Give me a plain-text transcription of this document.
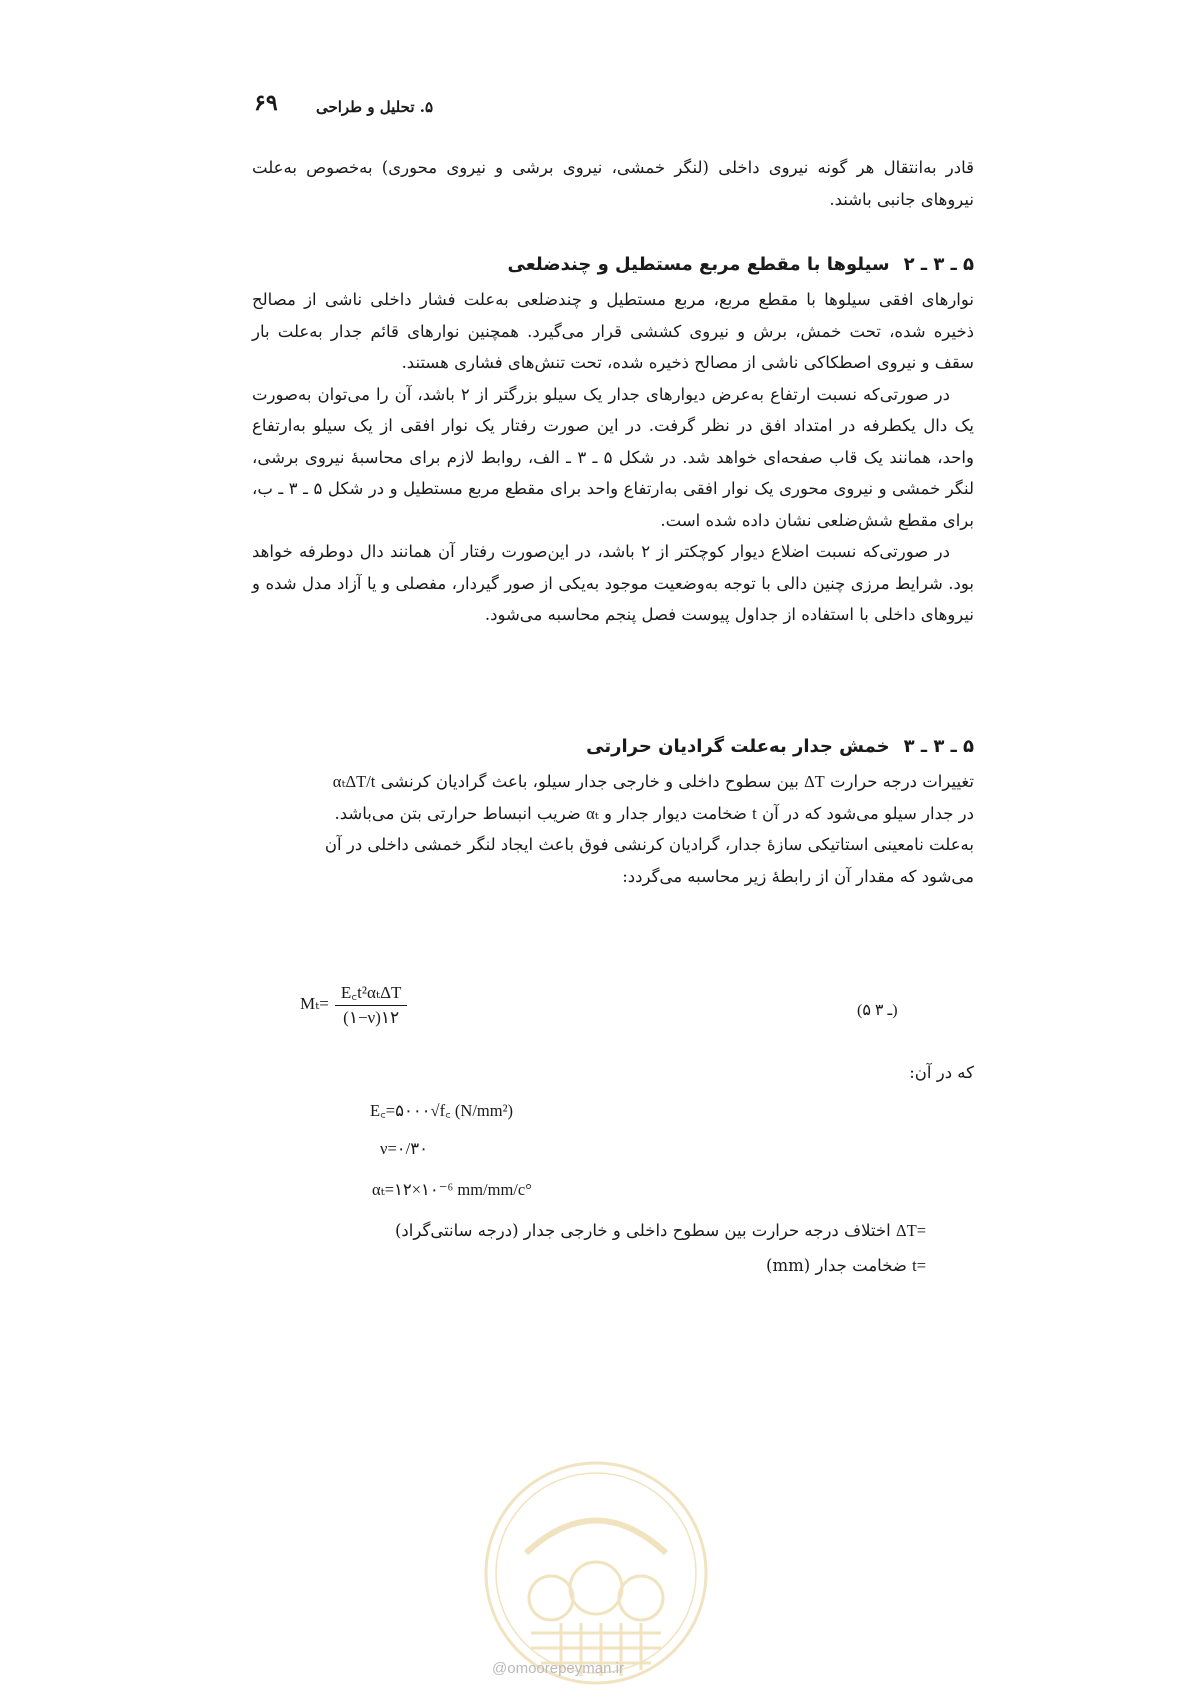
۵. تحلیل و طراحی
۶۹

قادر به‌انتقال هر گونه نیروی داخلی (لنگر خمشی، نیروی برشی و نیروی محوری) به‌خصوص به‌علت نیروهای جانبی باشند.

۵ ـ ۳ ـ ۲سیلوها با مقطع مربع مستطیل و چندضلعی

نوارهای افقی سیلوها با مقطع مربع، مربع مستطیل و چندضلعی به‌علت فشار داخلی ناشی از مصالح ذخیره شده، تحت خمش، برش و نیروی کششی قرار می‌گیرد. همچنین نوارهای قائم جدار به‌علت بار سقف و نیروی اصطکاکی ناشی از مصالح ذخیره شده، تحت تنش‌های فشاری هستند.

در صورتی‌که نسبت ارتفاع به‌عرض دیوارهای جدار یک سیلو بزرگتر از ۲ باشد، آن را می‌توان به‌صورت یک دال یکطرفه در امتداد افق در نظر گرفت. در این صورت رفتار یک نوار افقی از یک سیلو به‌ارتفاع واحد، همانند یک قاب صفحه‌ای خواهد شد. در شکل ۵ ـ ۳ ـ الف، روابط لازم برای محاسبهٔ نیروی برشی، لنگر خمشی و نیروی محوری یک نوار افقی به‌ارتفاع واحد برای مقطع مربع مستطیل و در شکل ۵ ـ ۳ ـ ب، برای مقطع شش‌ضلعی نشان داده شده است.

در صورتی‌که نسبت اضلاع دیوار کوچکتر از ۲ باشد، در این‌صورت رفتار آن همانند دال دوطرفه خواهد بود. شرایط مرزی چنین دالی با توجه به‌وضعیت موجود به‌یکی از صور گیردار، مفصلی و یا آزاد مدل شده و نیروهای داخلی با استفاده از جداول پیوست فصل پنجم محاسبه می‌شود.

۵ ـ ۳ ـ ۳خمش جدار به‌علت گرادیان حرارتی

تغییرات درجه حرارت ΔT بین سطوح داخلی و خارجی جدار سیلو، باعث گرادیان کرنشی αₜΔT/t

در جدار سیلو می‌شود که در آن t ضخامت دیوار جدار و αₜ ضریب انبساط حرارتی بتن می‌باشد.

به‌علت نامعینی استاتیکی سازهٔ جدار، گرادیان کرنشی فوق باعث ایجاد لنگر خمشی داخلی در آن

می‌شود که مقدار آن از رابطهٔ زیر محاسبه می‌گردد:

$M_t= \frac{\text{E꜀t²αₜΔT}}{(۱-\nu)۱۲}$	(۵ ـ ۳)
که در آن:
E꜀=۵۰۰۰√f꜀ (N/mm²)
ν=۰/۳۰
αₜ=۱۲×۱۰⁻⁶ mm/mm/c°
ΔT= اختلاف درجه حرارت بین سطوح داخلی و خارجی جدار (درجه سانتی‌گراد)
t= ضخامت جدار (mm)
@omoorepeyman.ir
